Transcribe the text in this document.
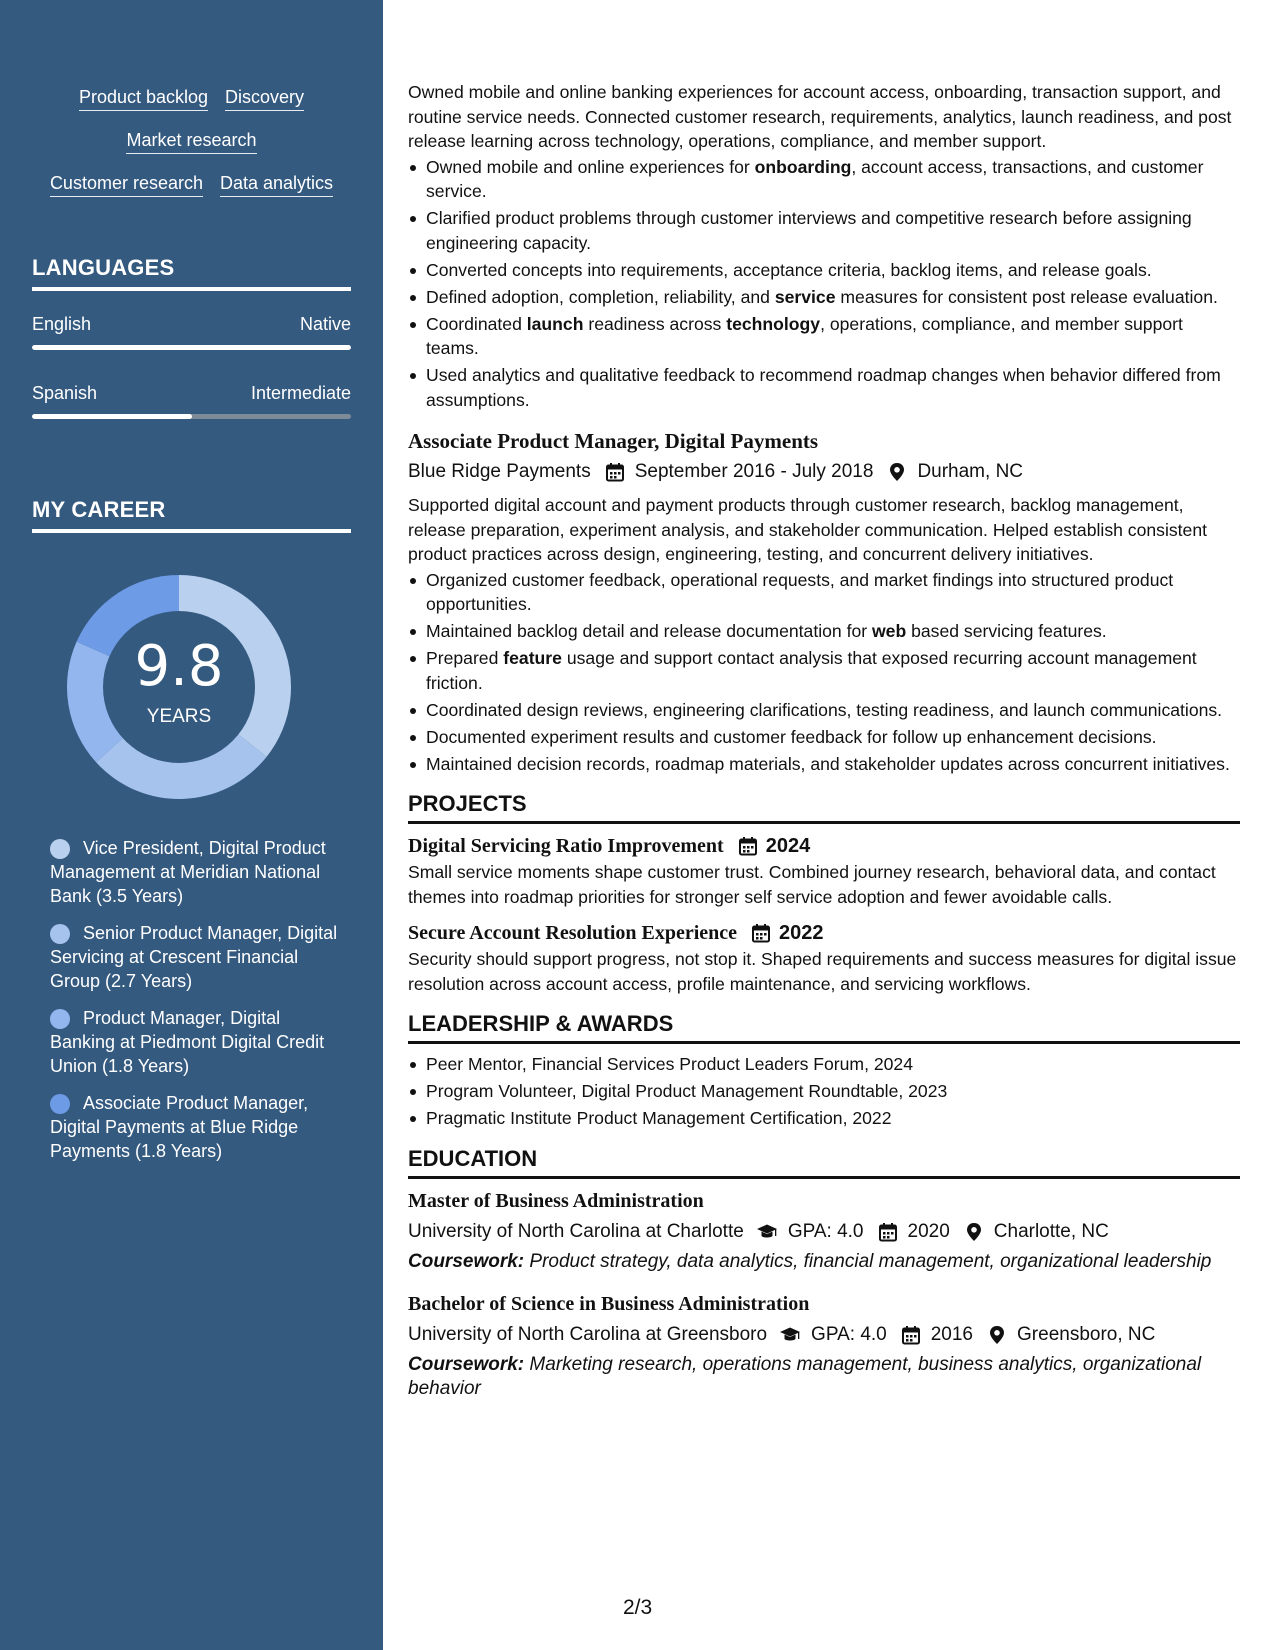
Product backlog Discovery
Market research
Customer research Data analytics
LANGUAGES
English	Native
Spanish	Intermediate
MY CAREER
9.8
YEARS
Vice President, Digital Product Management at Meridian National Bank (3.5 Years)
Senior Product Manager, Digital Servicing at Crescent Financial Group (2.7 Years)
Product Manager, Digital Banking at Piedmont Digital Credit Union (1.8 Years)
Associate Product Manager, Digital Payments at Blue Ridge Payments (1.8 Years)

Owned mobile and online banking experiences for account access, onboarding, transaction support, and routine service needs. Connected customer research, requirements, analytics, launch readiness, and post release learning across technology, operations, compliance, and member support.

Owned mobile and online experiences for onboarding, account access, transactions, and customer service.
Clarified product problems through customer interviews and competitive research before assigning engineering capacity.
Converted concepts into requirements, acceptance criteria, backlog items, and release goals.
Defined adoption, completion, reliability, and service measures for consistent post release evaluation.
Coordinated launch readiness across technology, operations, compliance, and member support teams.
Used analytics and qualitative feedback to recommend roadmap changes when behavior differed from assumptions.
Associate Product Manager, Digital Payments
Blue Ridge Payments September 2016 - July 2018 Durham, NC

Supported digital account and payment products through customer research, backlog management, release preparation, experiment analysis, and stakeholder communication. Helped establish consistent product practices across design, engineering, testing, and concurrent delivery initiatives.

Organized customer feedback, operational requests, and market findings into structured product opportunities.
Maintained backlog detail and release documentation for web based servicing features.
Prepared feature usage and support contact analysis that exposed recurring account management friction.
Coordinated design reviews, engineering clarifications, testing readiness, and launch communications.
Documented experiment results and customer feedback for follow up enhancement decisions.
Maintained decision records, roadmap materials, and stakeholder updates across concurrent initiatives.
PROJECTS
Digital Servicing Ratio Improvement 2024

Small service moments shape customer trust. Combined journey research, behavioral data, and contact themes into roadmap priorities for stronger self service adoption and fewer avoidable calls.

Secure Account Resolution Experience 2022

Security should support progress, not stop it. Shaped requirements and success measures for digital issue resolution across account access, profile maintenance, and servicing workflows.

LEADERSHIP & AWARDS
Peer Mentor, Financial Services Product Leaders Forum, 2024
Program Volunteer, Digital Product Management Roundtable, 2023
Pragmatic Institute Product Management Certification, 2022
EDUCATION
Master of Business Administration
University of North Carolina at Charlotte GPA: 4.0 2020 Charlotte, NC
Coursework: Product strategy, data analytics, financial management, organizational leadership
Bachelor of Science in Business Administration
University of North Carolina at Greensboro GPA: 4.0 2016 Greensboro, NC
Coursework: Marketing research, operations management, business analytics, organizational behavior
2/3
